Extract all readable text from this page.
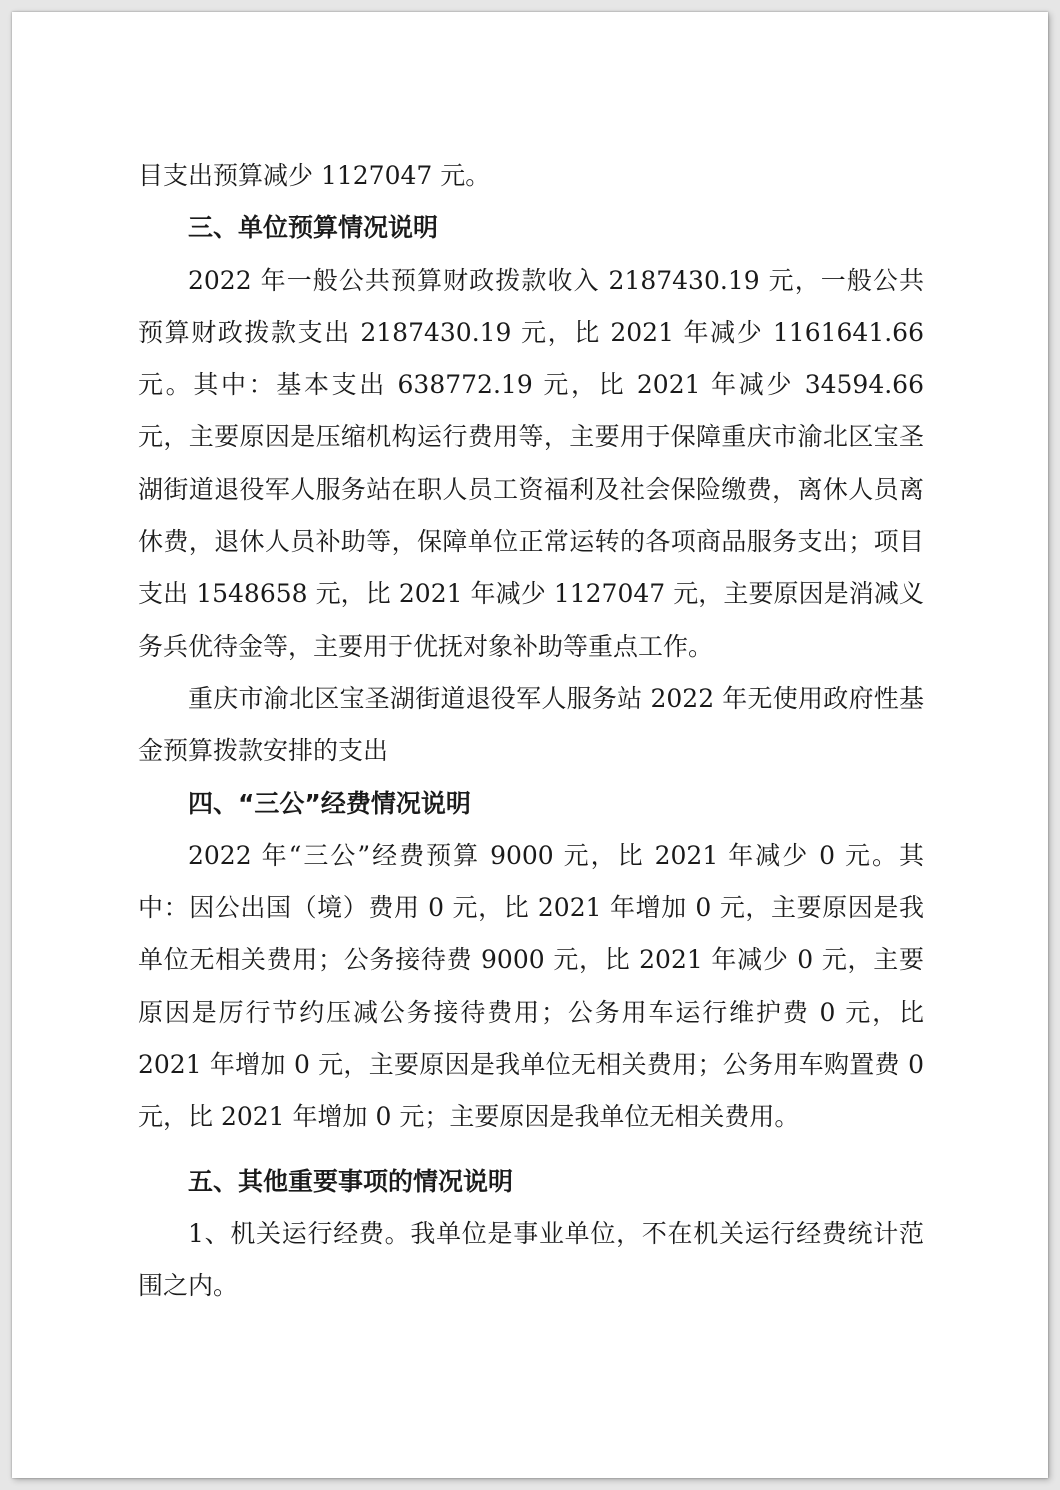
目支出预算减少 1127047 元。

三、单位预算情况说明

2022 年一般公共预算财政拨款收入 2187430.19 元，一般公共预算财政拨款支出 2187430.19 元，比 2021 年减少 1161641.66 元。其中：基本支出 638772.19 元，比 2021 年减少 34594.66 元，主要原因是压缩机构运行费用等，主要用于保障重庆市渝北区宝圣湖街道退役军人服务站在职人员工资福利及社会保险缴费，离休人员离休费，退休人员补助等，保障单位正常运转的各项商品服务支出；项目支出 1548658 元，比 2021 年减少 1127047 元，主要原因是消减义务兵优待金等，主要用于优抚对象补助等重点工作。

重庆市渝北区宝圣湖街道退役军人服务站 2022 年无使用政府性基金预算拨款安排的支出

四、“三公”经费情况说明

2022 年“三公”经费预算 9000 元，比 2021 年减少 0 元。其中：因公出国（境）费用 0 元，比 2021 年增加 0 元，主要原因是我单位无相关费用；公务接待费 9000 元，比 2021 年减少 0 元，主要原因是厉行节约压减公务接待费用；公务用车运行维护费 0 元，比 2021 年增加 0 元，主要原因是我单位无相关费用；公务用车购置费 0 元，比 2021 年增加 0 元；主要原因是我单位无相关费用。

五、其他重要事项的情况说明

1、机关运行经费。我单位是事业单位，不在机关运行经费统计范围之内。
